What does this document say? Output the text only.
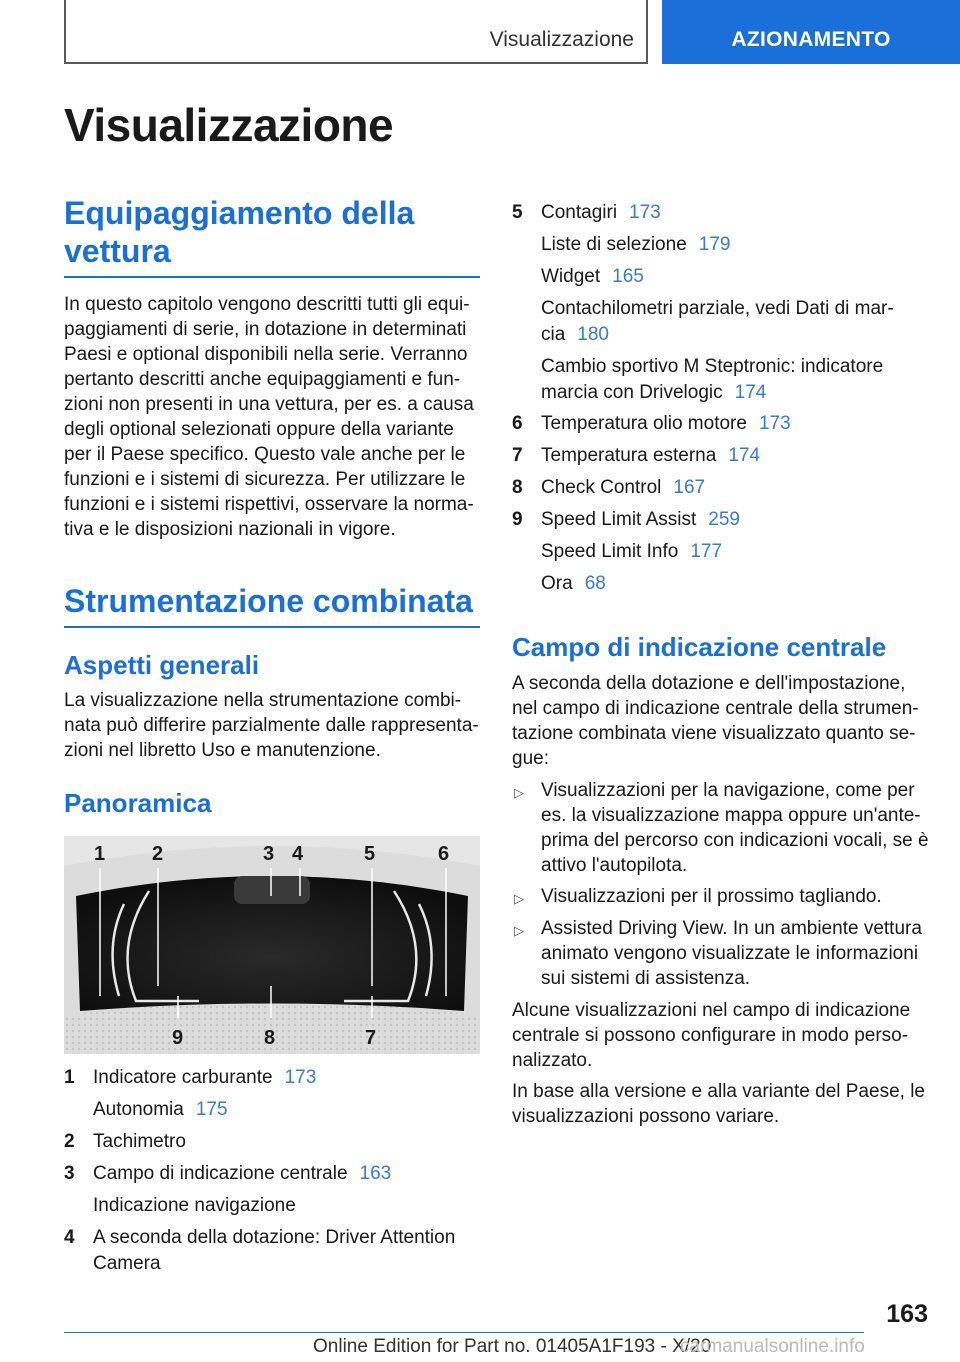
Visualizzazione	AZIONAMENTO
Visualizzazione
Equipaggiamento della vettura
In questo capitolo vengono descritti tutti gli equi-
paggiamenti di serie, in dotazione in determinati
Paesi e optional disponibili nella serie. Verranno
pertanto descritti anche equipaggiamenti e fun-
zioni non presenti in una vettura, per es. a causa
degli optional selezionati oppure della variante
per il Paese specifico. Questo vale anche per le
funzioni e i sistemi di sicurezza. Per utilizzare le
funzioni e i sistemi rispettivi, osservare la norma-
tiva e le disposizioni nazionali in vigore.
Strumentazione combinata
Aspetti generali
La visualizzazione nella strumentazione combi-
nata può differire parzialmente dalle rappresenta-
zioni nel libretto Uso e manutenzione.
Panoramica
1 2	3 4	5	6
9	8	7
1 Indicatore carburante 173
Autonomia 175
2 Tachimetro
3 Campo di indicazione centrale 163
Indicazione navigazione
4 A seconda della dotazione: Driver Attention
Camera
5 Contagiri 173
Liste di selezione 179
Widget 165
Contachilometri parziale, vedi Dati di mar-
cia 180
Cambio sportivo M Steptronic: indicatore
marcia con Drivelogic 174
6 Temperatura olio motore 173
7 Temperatura esterna 174
8 Check Control 167
9 Speed Limit Assist 259
Speed Limit Info 177
Ora 68
Campo di indicazione centrale
A seconda della dotazione e dell'impostazione,
nel campo di indicazione centrale della strumen-
tazione combinata viene visualizzato quanto se-
gue:
▷ Visualizzazioni per la navigazione, come per
es. la visualizzazione mappa oppure un'ante-
prima del percorso con indicazioni vocali, se è
attivo l'autopilota.
▷ Visualizzazioni per il prossimo tagliando.
▷ Assisted Driving View. In un ambiente vettura
animato vengono visualizzate le informazioni
sui sistemi di assistenza.
Alcune visualizzazioni nel campo di indicazione
centrale si possono configurare in modo perso-
nalizzato.
In base alla versione e alla variante del Paese, le
visualizzazioni possono variare.
163
Online Edition for Part no. 01405A1F193 - X/20
carmanualsonline.info
